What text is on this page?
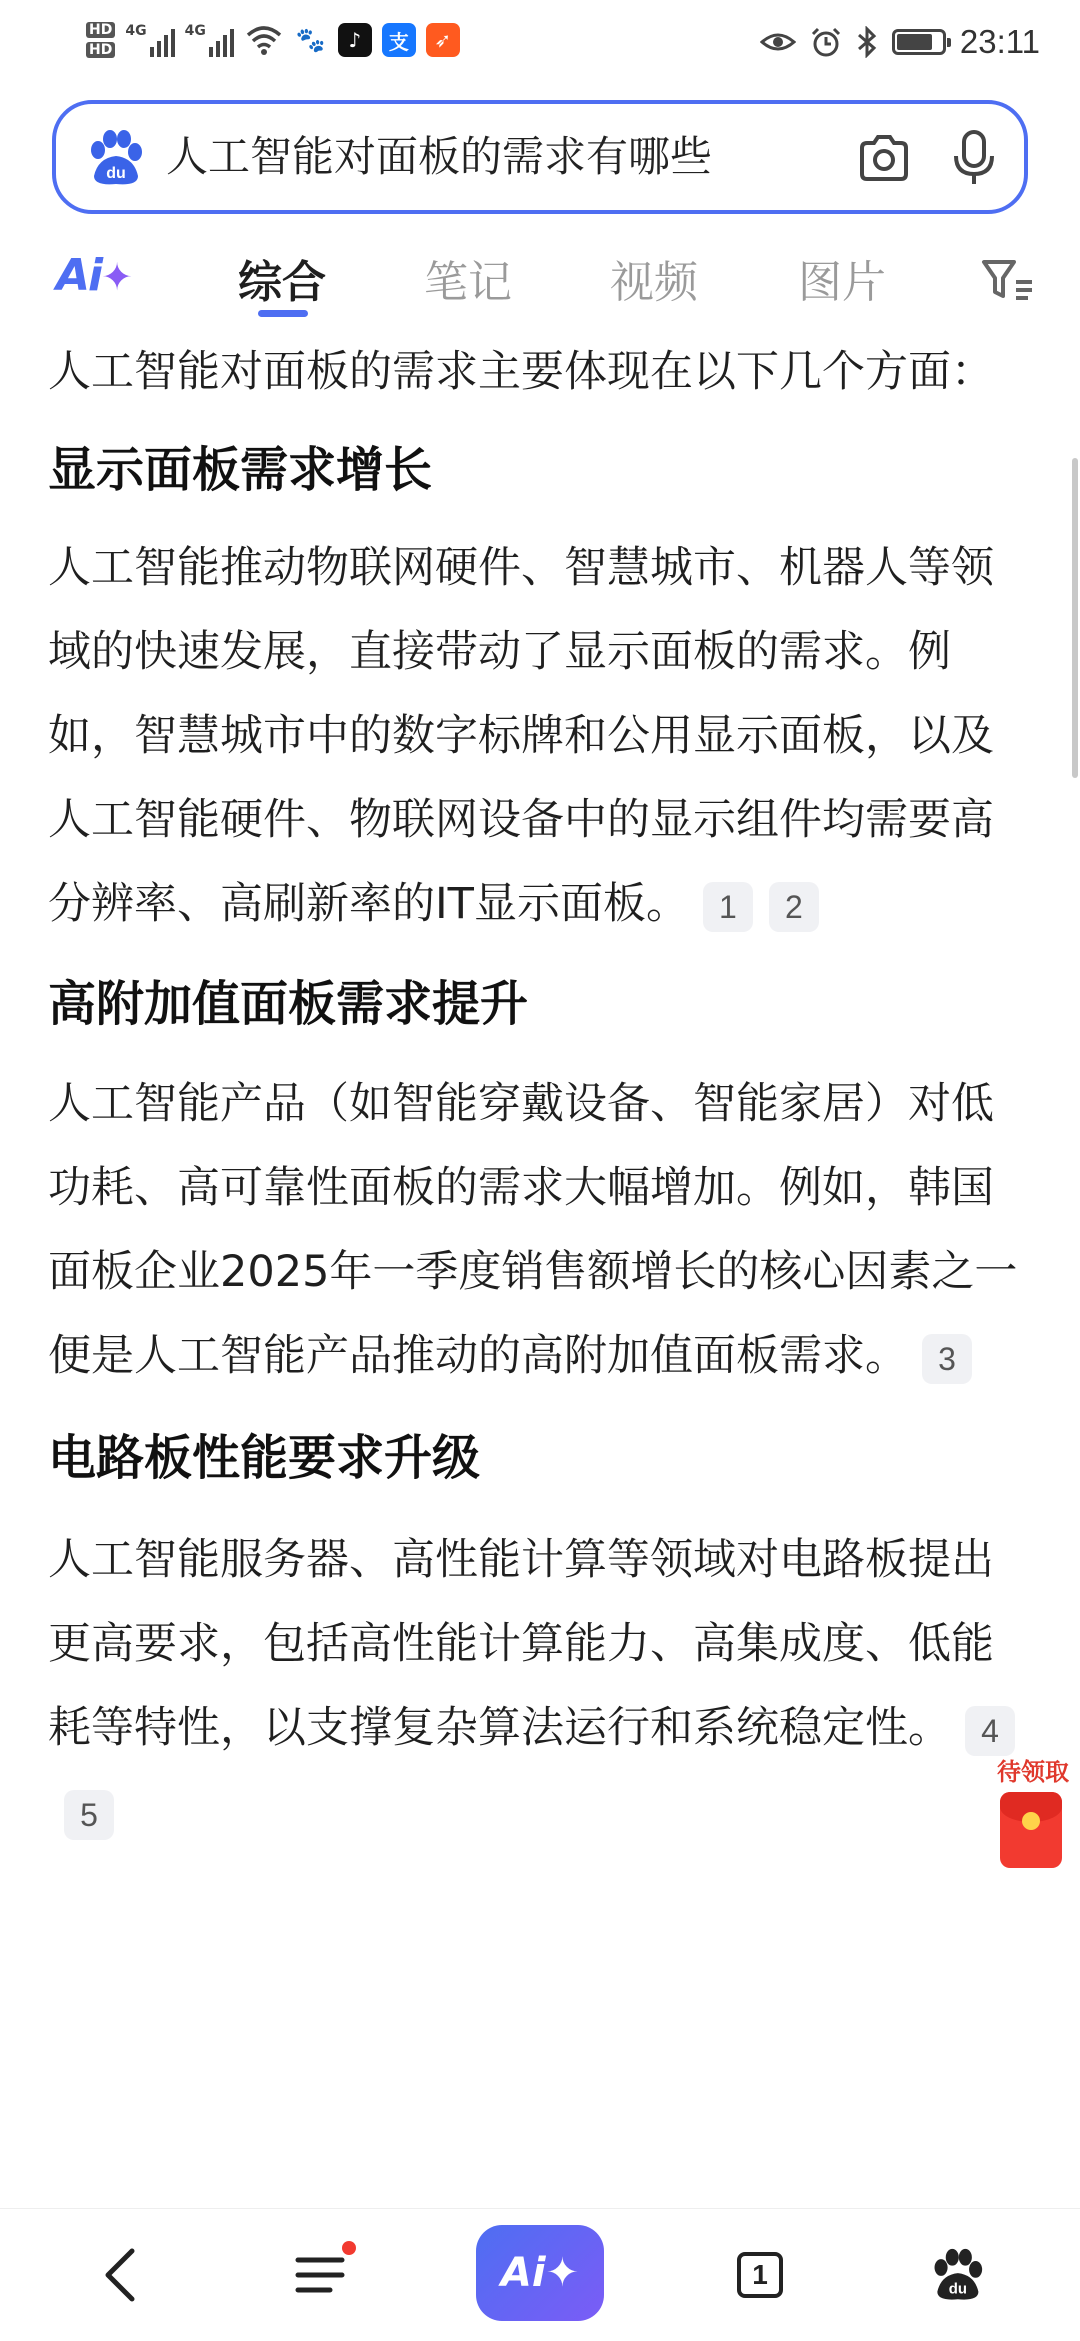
HD
HD
4G	4G	🐾	♪	支	➶	23:11
du 人工智能对面板的需求有哪些
Ai✦ 综合 笔记 视频 图片

人工智能对面板的需求主要体现在以下几个方面：

显示面板需求增长

人工智能推动物联网硬件、智慧城市、机器人等领域的快速发展，直接带动了显示面板的需求。例如，智慧城市中的数字标牌和公用显示面板，以及人工智能硬件、物联网设备中的显示组件均需要高分辨率、高刷新率的IT显示面板。 1 2

高附加值面板需求提升

人工智能产品（如智能穿戴设备、智能家居）对低功耗、高可靠性面板的需求大幅增加。例如，韩国面板企业2025年一季度销售额增长的核心因素之一便是人工智能产品推动的高附加值面板需求。 3

电路板性能要求升级

人工智能服务器、高性能计算等领域对电路板提出更高要求，包括高性能计算能力、高集成度、低能耗等特性，以支撑复杂算法运行和系统稳定性。 45

待领取
Ai ✦	1	du
